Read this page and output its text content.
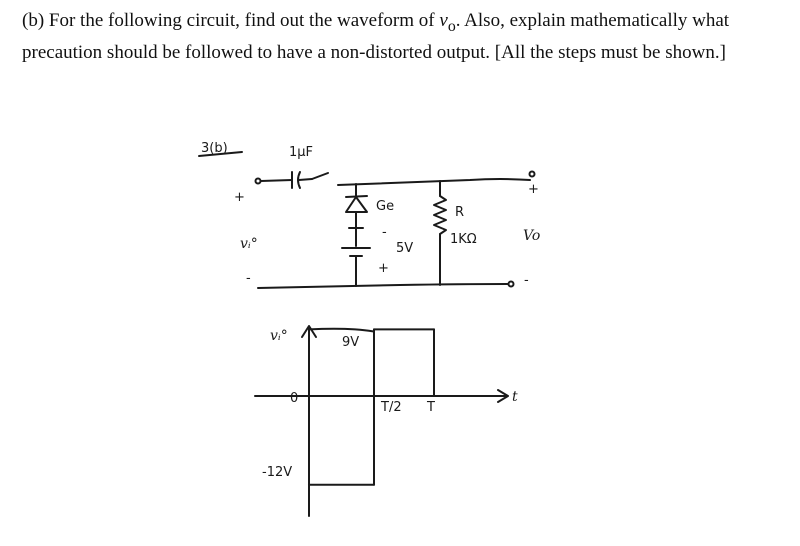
(b) For the following circuit, find out the waveform of $v_o$. Also, explain mathematically what precaution should be followed to have a non-distorted output. [All the steps must be shown.]

3(b)	1μF
+
vᵢ°
-
+
Vo
-
Ge
-
5V
+
R
1KΩ
vᵢ°
t
0
9V
-12V
T/2 T
